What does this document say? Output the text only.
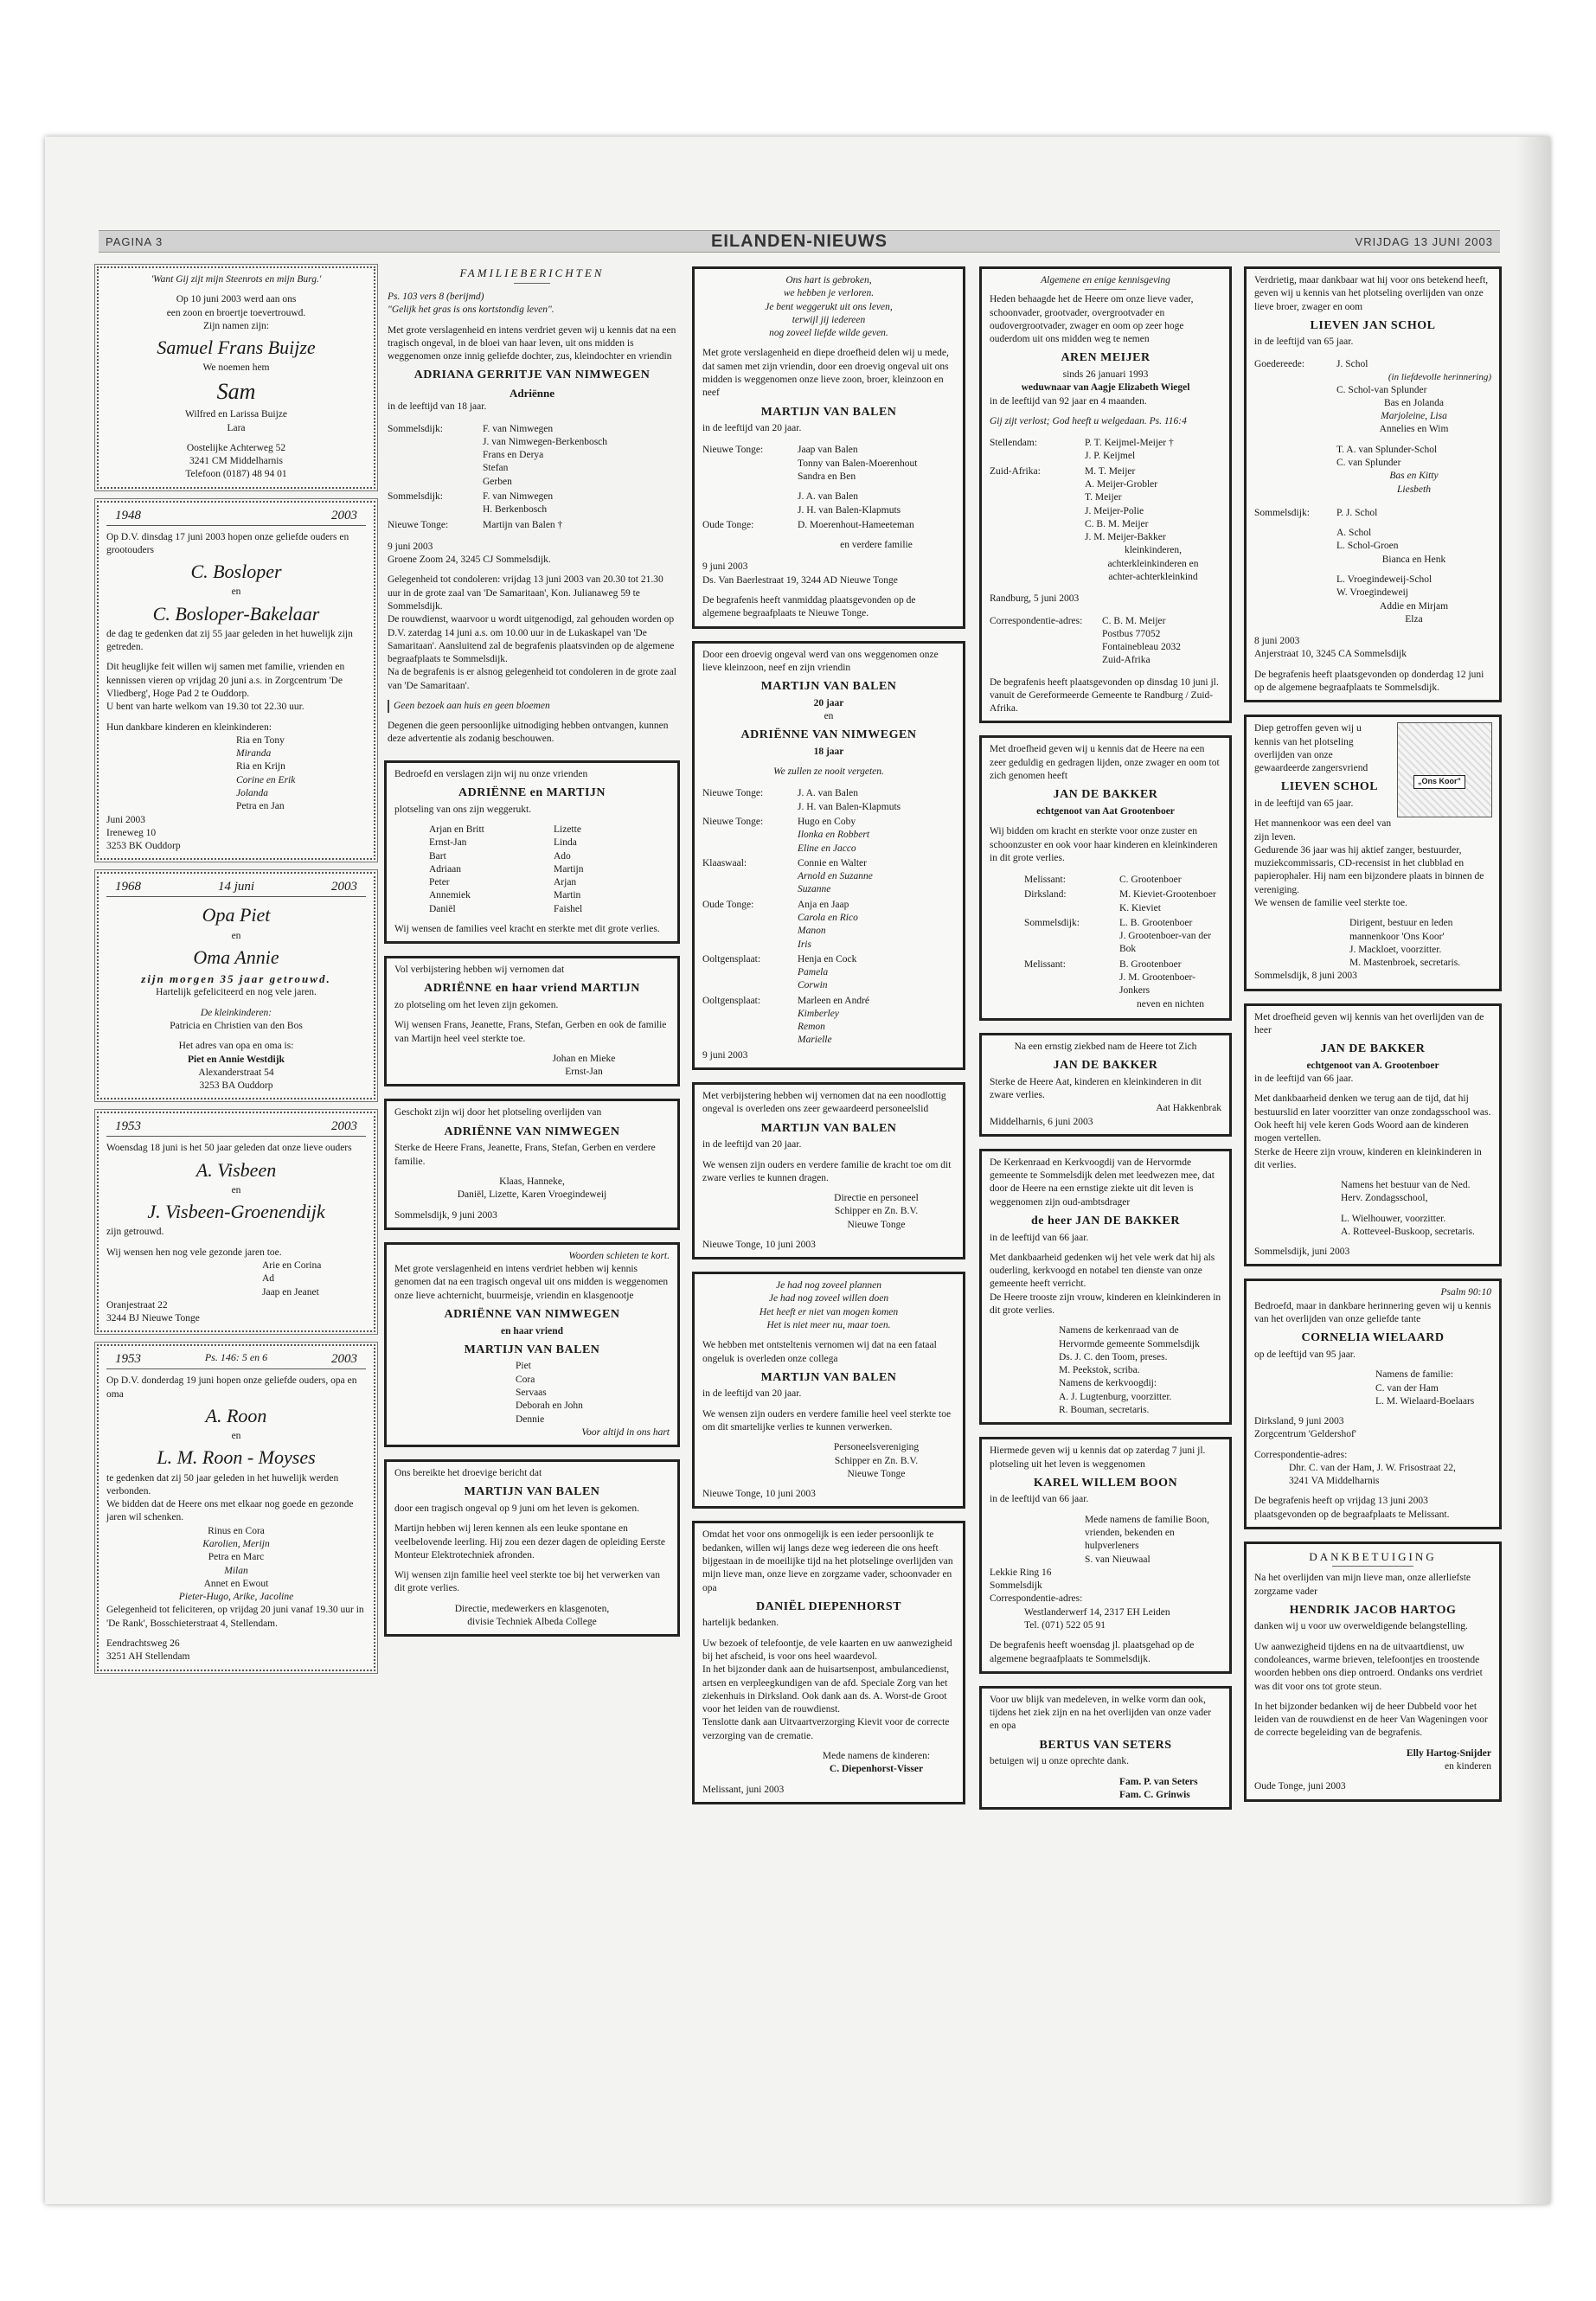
PAGINA 3	EILANDEN-NIEUWS	VRIJDAG 13 JUNI 2003
'Want Gij zijt mijn Steenrots en mijn Burg.'
Op 10 juni 2003 werd aan ons
een zoon en broertje toevertrouwd.
Zijn namen zijn:
Samuel Frans Buijze
We noemen hem
Sam
Wilfred en Larissa Buijze
Lara
Oostelijke Achterweg 52
3241 CM Middelharnis
Telefoon (0187) 48 94 01
1948	2003
Op D.V. dinsdag 17 juni 2003 hopen onze geliefde ouders en grootouders
C. Bosloper
en
C. Bosloper-Bakelaar
de dag te gedenken dat zij 55 jaar geleden in het huwelijk zijn getreden.
Dit heuglijke feit willen wij samen met familie, vrienden en kennissen vieren op vrijdag 20 juni a.s. in Zorgcentrum 'De Vliedberg', Hoge Pad 2 te Ouddorp.
U bent van harte welkom van 19.30 tot 22.30 uur.
Hun dankbare kinderen en kleinkinderen:
Ria en Tony
Miranda
Ria en Krijn
Corine en Erik
Jolanda
Petra en Jan
Juni 2003
Ireneweg 10
3253 BK Ouddorp
1968	14 juni	2003
Opa Piet
en
Oma Annie
zijn morgen 35 jaar getrouwd.
Hartelijk gefeliciteerd en nog vele jaren.
De kleinkinderen:
Patricia en Christien van den Bos
Het adres van opa en oma is:
Piet en Annie Westdijk
Alexanderstraat 54
3253 BA Ouddorp
1953	2003
Woensdag 18 juni is het 50 jaar geleden dat onze lieve ouders
A. Visbeen
en
J. Visbeen-Groenendijk
zijn getrouwd.
Wij wensen hen nog vele gezonde jaren toe.
Arie en Corina
Ad
Jaap en Jeanet
Oranjestraat 22
3244 BJ Nieuwe Tonge
1953	Ps. 146: 5 en 6	2003
Op D.V. donderdag 19 juni hopen onze geliefde ouders, opa en oma
A. Roon
en
L. M. Roon - Moyses
te gedenken dat zij 50 jaar geleden in het huwelijk werden verbonden.
We bidden dat de Heere ons met elkaar nog goede en gezonde jaren wil schenken.
Rinus en Cora
Karolien, Merijn
Petra en Marc
Milan
Annet en Ewout
Pieter-Hugo, Arike, Jacoline
Gelegenheid tot feliciteren, op vrijdag 20 juni vanaf 19.30 uur in 'De Rank', Bosschieterstraat 4, Stellendam.
Eendrachtsweg 26
3251 AH Stellendam
FAMILIEBERICHTEN
Ps. 103 vers 8 (berijmd)
"Gelijk het gras is ons kortstondig leven".
Met grote verslagenheid en intens verdriet geven wij u kennis dat na een tragisch ongeval, in de bloei van haar leven, uit ons midden is weggenomen onze innig geliefde dochter, zus, kleindochter en vriendin
ADRIANA GERRITJE VAN NIMWEGEN
Adriënne
in de leeftijd van 18 jaar.
Sommelsdijk:	F. van Nimwegen
J. van Nimwegen-Berkenbosch
Frans en Derya
Stefan
Gerben
Sommelsdijk:	F. van Nimwegen
H. Berkenbosch
Nieuwe Tonge:	Martijn van Balen †
9 juni 2003
Groene Zoom 24, 3245 CJ Sommelsdijk.
Gelegenheid tot condoleren: vrijdag 13 juni 2003 van 20.30 tot 21.30 uur in de grote zaal van 'De Samaritaan', Kon. Julianaweg 59 te Sommelsdijk.
De rouwdienst, waarvoor u wordt uitgenodigd, zal gehouden worden op D.V. zaterdag 14 juni a.s. om 10.00 uur in de Lukaskapel van 'De Samaritaan'. Aansluitend zal de begrafenis plaatsvinden op de algemene begraafplaats te Sommelsdijk.
Na de begrafenis is er alsnog gelegenheid tot condoleren in de grote zaal van 'De Samaritaan'.
Geen bezoek aan huis en geen bloemen
Degenen die geen persoonlijke uitnodiging hebben ontvangen, kunnen deze advertentie als zodanig beschouwen.
Bedroefd en verslagen zijn wij nu onze vrienden
ADRIËNNE en MARTIJN
plotseling van ons zijn weggerukt.
Arjan en Britt	Lizette
Ernst-Jan	Linda
Bart	Ado
Adriaan	Martijn
Peter	Arjan
Annemiek	Martin
Daniël	Faishel
Wij wensen de families veel kracht en sterkte met dit grote verlies.
Vol verbijstering hebben wij vernomen dat
ADRIËNNE en haar vriend MARTIJN
zo plotseling om het leven zijn gekomen.
Wij wensen Frans, Jeanette, Frans, Stefan, Gerben en ook de familie van Martijn heel veel sterkte toe.
Johan en Mieke
Ernst-Jan
Geschokt zijn wij door het plotseling overlijden van
ADRIËNNE VAN NIMWEGEN
Sterke de Heere Frans, Jeanette, Frans, Stefan, Gerben en verdere familie.
Klaas, Hanneke,
Daniël, Lizette, Karen Vroegindeweij
Sommelsdijk, 9 juni 2003
Woorden schieten te kort.
Met grote verslagenheid en intens verdriet hebben wij kennis genomen dat na een tragisch ongeval uit ons midden is weggenomen onze lieve achternicht, buurmeisje, vriendin en klasgenootje
ADRIËNNE VAN NIMWEGEN
en haar vriend
MARTIJN VAN BALEN
Piet
Cora
Servaas
Deborah en John
Dennie
Voor altijd in ons hart
Ons bereikte het droevige bericht dat
MARTIJN VAN BALEN
door een tragisch ongeval op 9 juni om het leven is gekomen.
Martijn hebben wij leren kennen als een leuke spontane en veelbelovende leerling. Hij zou een dezer dagen de opleiding Eerste Monteur Elektrotechniek afronden.
Wij wensen zijn familie heel veel sterkte toe bij het verwerken van dit grote verlies.
Directie, medewerkers en klasgenoten,
divisie Techniek Albeda College
Ons hart is gebroken,
we hebben je verloren.
Je bent weggerukt uit ons leven,
terwijl jij iedereen
nog zoveel liefde wilde geven.
Met grote verslagenheid en diepe droefheid delen wij u mede, dat samen met zijn vriendin, door een droevig ongeval uit ons midden is weggenomen onze lieve zoon, broer, kleinzoon en neef
MARTIJN VAN BALEN
in de leeftijd van 20 jaar.
Nieuwe Tonge:	Jaap van Balen
Tonny van Balen-Moerenhout
Sandra en Ben
J. A. van Balen
J. H. van Balen-Klapmuts
Oude Tonge:	D. Moerenhout-Hameeteman
en verdere familie
9 juni 2003
Ds. Van Baerlestraat 19, 3244 AD Nieuwe Tonge
De begrafenis heeft vanmiddag plaatsgevonden op de algemene begraafplaats te Nieuwe Tonge.
Door een droevig ongeval werd van ons weggenomen onze lieve kleinzoon, neef en zijn vriendin
MARTIJN VAN BALEN
20 jaar
en
ADRIËNNE VAN NIMWEGEN
18 jaar
We zullen ze nooit vergeten.
Nieuwe Tonge:	J. A. van Balen
J. H. van Balen-Klapmuts
Nieuwe Tonge:	Hugo en Coby
Ilonka en Robbert
Eline en Jacco
Klaaswaal:	Connie en Walter
Arnold en Suzanne
Suzanne
Oude Tonge:	Anja en Jaap
Carola en Rico
Manon
Iris
Ooltgensplaat:	Henja en Cock
Pamela
Corwin
Ooltgensplaat:	Marleen en André
Kimberley
Remon
Marielle
9 juni 2003
Met verbijstering hebben wij vernomen dat na een noodlottig ongeval is overleden ons zeer gewaardeerd personeelslid
MARTIJN VAN BALEN
in de leeftijd van 20 jaar.
We wensen zijn ouders en verdere familie de kracht toe om dit zware verlies te kunnen dragen.
Directie en personeel
Schipper en Zn. B.V.
Nieuwe Tonge
Nieuwe Tonge, 10 juni 2003
Je had nog zoveel plannen
Je had nog zoveel willen doen
Het heeft er niet van mogen komen
Het is niet meer nu, maar toen.
We hebben met ontsteltenis vernomen wij dat na een fataal ongeluk is overleden onze collega
MARTIJN VAN BALEN
in de leeftijd van 20 jaar.
We wensen zijn ouders en verdere familie heel veel sterkte toe om dit smartelijke verlies te kunnen verwerken.
Personeelsvereniging
Schipper en Zn. B.V.
Nieuwe Tonge
Nieuwe Tonge, 10 juni 2003
Omdat het voor ons onmogelijk is een ieder persoonlijk te bedanken, willen wij langs deze weg iedereen die ons heeft bijgestaan in de moeilijke tijd na het plotselinge overlijden van mijn lieve man, onze lieve en zorgzame vader, schoonvader en opa
DANIËL DIEPENHORST
hartelijk bedanken.
Uw bezoek of telefoontje, de vele kaarten en uw aanwezigheid bij het afscheid, is voor ons heel waardevol.
In het bijzonder dank aan de huisartsenpost, ambulancedienst, artsen en verpleegkundigen van de afd. Speciale Zorg van het ziekenhuis in Dirksland. Ook dank aan ds. A. Worst-de Groot voor het leiden van de rouwdienst.
Tenslotte dank aan Uitvaartverzorging Kievit voor de correcte verzorging van de crematie.
Mede namens de kinderen:
C. Diepenhorst-Visser
Melissant, juni 2003
Algemene en enige kennisgeving
Heden behaagde het de Heere om onze lieve vader, schoonvader, grootvader, overgrootvader en oudovergrootvader, zwager en oom op zeer hoge ouderdom uit ons midden weg te nemen
AREN MEIJER
sinds 26 januari 1993
weduwnaar van Aagje Elizabeth Wiegel
in de leeftijd van 92 jaar en 4 maanden.
Gij zijt verlost; God heeft u welgedaan. Ps. 116:4
Stellendam:	P. T. Keijmel-Meijer †
J. P. Keijmel
Zuid-Afrika:	M. T. Meijer
A. Meijer-Grobler
T. Meijer
J. Meijer-Polie
C. B. M. Meijer
J. M. Meijer-Bakker
kleinkinderen,
achterkleinkinderen en
achter-achterkleinkind
Randburg, 5 juni 2003
Correspondentie-adres:	C. B. M. Meijer
Postbus 77052
Fontainebleau 2032
Zuid-Afrika
De begrafenis heeft plaatsgevonden op dinsdag 10 juni jl. vanuit de Gereformeerde Gemeente te Randburg / Zuid-Afrika.
Met droefheid geven wij u kennis dat de Heere na een zeer geduldig en gedragen lijden, onze zwager en oom tot zich genomen heeft
JAN DE BAKKER
echtgenoot van Aat Grootenboer
Wij bidden om kracht en sterkte voor onze zuster en schoonzuster en ook voor haar kinderen en kleinkinderen in dit grote verlies.
Melissant:	C. Grootenboer
Dirksland:	M. Kieviet-Grootenboer
K. Kieviet
Sommelsdijk:	L. B. Grootenboer
J. Grootenboer-van der Bok
Melissant:	B. Grootenboer
J. M. Grootenboer-Jonkers
neven en nichten
Na een ernstig ziekbed nam de Heere tot Zich
JAN DE BAKKER
Sterke de Heere Aat, kinderen en kleinkinderen in dit zware verlies.
Aat Hakkenbrak
Middelharnis, 6 juni 2003
De Kerkenraad en Kerkvoogdij van de Hervormde gemeente te Sommelsdijk delen met leedwezen mee, dat door de Heere na een ernstige ziekte uit dit leven is weggenomen zijn oud-ambtsdrager
de heer JAN DE BAKKER
in de leeftijd van 66 jaar.
Met dankbaarheid gedenken wij het vele werk dat hij als ouderling, kerkvoogd en notabel ten dienste van onze gemeente heeft verricht.
De Heere troostе zijn vrouw, kinderen en kleinkinderen in dit grote verlies.
Namens de kerkenraad van de
Hervormde gemeente Sommelsdijk
Ds. J. C. den Toom, preses.
M. Peekstok, scriba.
Namens de kerkvoogdij:
A. J. Lugtenburg, voorzitter.
R. Bouman, secretaris.
Hiermede geven wij u kennis dat op zaterdag 7 juni jl. plotseling uit het leven is weggenomen
KAREL WILLEM BOON
in de leeftijd van 66 jaar.
Mede namens de familie Boon,
vrienden, bekenden en
hulpverleners
S. van Nieuwaal
Lekkie Ring 16
Sommelsdijk
Correspondentie-adres:
Westlanderwerf 14, 2317 EH Leiden
Tel. (071) 522 05 91
De begrafenis heeft woensdag jl. plaatsgehad op de algemene begraafplaats te Sommelsdijk.
Voor uw blijk van medeleven, in welke vorm dan ook, tijdens het ziek zijn en na het overlijden van onze vader en opa
BERTUS VAN SETERS
betuigen wij u onze oprechte dank.
Fam. P. van Seters
Fam. C. Grinwis
Verdrietig, maar dankbaar wat hij voor ons betekend heeft, geven wij u kennis van het plotseling overlijden van onze lieve broer, zwager en oom
LIEVEN JAN SCHOL
in de leeftijd van 65 jaar.
Goedereede:	J. Schol
(in liefdevolle herinnering)
C. Schol-van Splunder
Bas en Jolanda
Marjoleine, Lisa
Annelies en Wim
T. A. van Splunder-Schol
C. van Splunder
Bas en Kitty
Liesbeth
Sommelsdijk:	P. J. Schol
A. Schol
L. Schol-Groen
Bianca en Henk
L. Vroegindeweij-Schol
W. Vroegindeweij
Addie en Mirjam
Elza
8 juni 2003
Anjerstraat 10, 3245 CA Sommelsdijk
De begrafenis heeft plaatsgevonden op donderdag 12 juni op de algemene begraafplaats te Sommelsdijk.
„Ons Koor"
Diep getroffen geven wij u kennis van het plotseling overlijden van onze gewaardeerde zangersvriend
LIEVEN SCHOL
in de leeftijd van 65 jaar.
Het mannenkoor was een deel van zijn leven.
Gedurende 36 jaar was hij aktief zanger, bestuurder, muziekcommissaris, CD-recensist in het clubblad en papierophaler. Hij nam een bijzondere plaats in binnen de vereniging.
We wensen de familie veel sterkte toe.
Dirigent, bestuur en leden
mannenkoor 'Ons Koor'
J. Mackloet, voorzitter.
M. Mastenbroek, secretaris.
Sommelsdijk, 8 juni 2003
Met droefheid geven wij kennis van het overlijden van de heer
JAN DE BAKKER
echtgenoot van A. Grootenboer
in de leeftijd van 66 jaar.
Met dankbaarheid denken we terug aan de tijd, dat hij bestuurslid en later voorzitter van onze zondagsschool was. Ook heeft hij vele keren Gods Woord aan de kinderen mogen vertellen.
Sterke de Heere zijn vrouw, kinderen en kleinkinderen in dit verlies.
Namens het bestuur van de Ned.
Herv. Zondagsschool,
L. Wielhouwer, voorzitter.
A. Rotteveel-Buskoop, secretaris.
Sommelsdijk, juni 2003
Psalm 90:10
Bedroefd, maar in dankbare herinnering geven wij u kennis van het overlijden van onze geliefde tante
CORNELIA WIELAARD
op de leeftijd van 95 jaar.
Namens de familie:
C. van der Ham
L. M. Wielaard-Boelaars
Dirksland, 9 juni 2003
Zorgcentrum 'Geldershof'
Correspondentie-adres:
Dhr. C. van der Ham, J. W. Frisostraat 22,
3241 VA Middelharnis
De begrafenis heeft op vrijdag 13 juni 2003 plaatsgevonden op de begraafplaats te Melissant.
DANKBETUIGING
Na het overlijden van mijn lieve man, onze allerliefste zorgzame vader
HENDRIK JACOB HARTOG
danken wij u voor uw overweldigende belangstelling.
Uw aanwezigheid tijdens en na de uitvaartdienst, uw condoleances, warme brieven, telefoontjes en troostende woorden hebben ons diep ontroerd. Ondanks ons verdriet was dit voor ons tot grote steun.
In het bijzonder bedanken wij de heer Dubbeld voor het leiden van de rouwdienst en de heer Van Wageningen voor de correcte begeleiding van de begrafenis.
Elly Hartog-Snijder
en kinderen
Oude Tonge, juni 2003
